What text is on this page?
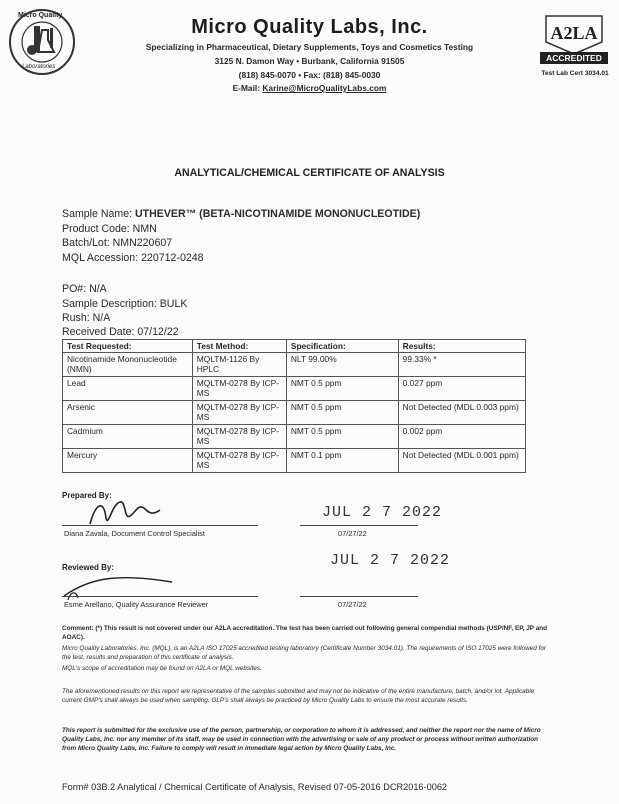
Micro Quality
Laboratories
Micro Quality Labs, Inc.
Specializing in Pharmaceutical, Dietary Supplements, Toys and Cosmetics Testing
3125 N. Damon Way • Burbank, California 91505
(818) 845-0070 • Fax: (818) 845-0030
E-Mail: Karine@MicroQualityLabs.com
A2LA
ACCREDITED
Test Lab Cert 3034.01
ANALYTICAL/CHEMICAL CERTIFICATE OF ANALYSIS
Sample Name: UTHEVER™ (BETA-NICOTINAMIDE MONONUCLEOTIDE)
Product Code: NMN
Batch/Lot: NMN220607
MQL Accession: 220712-0248
PO#: N/A
Sample Description: BULK
Rush: N/A
Received Date: 07/12/22
Test Requested:	Test Method:	Specification:	Results:
Nicotinamide Mononucleotide (NMN)	MQLTM-1126 By HPLC	NLT 99.00%	99.33% *
Lead	MQLTM-0278 By ICP-MS	NMT 0.5 ppm	0.027 ppm
Arsenic	MQLTM-0278 By ICP-MS	NMT 0.5 ppm	Not Detected (MDL 0.003 ppm)
Cadmium	MQLTM-0278 By ICP-MS	NMT 0.5 ppm	0.002 ppm
Mercury	MQLTM-0278 By ICP-MS	NMT 0.1 ppm	Not Detected (MDL 0.001 ppm)
Prepared By:
Diana Zavala, Document Control Specialist
JUL 2 7 2022
07/27/22
Reviewed By:
Esme Arellano, Quality Assurance Reviewer
JUL 2 7 2022
07/27/22
Comment: (*) This result is not covered under our A2LA accreditation. The test has been carried out following general compendial methods (USP/NF, EP, JP and AOAC).
Micro Quality Laboratories, Inc. (MQL), is an A2LA ISO 17025 accredited testing laboratory (Certificate Number 3034.01). The requirements of ISO 17025 were followed for the test, results and preparation of this certificate of analysis.
MQL's scope of accreditation may be found on A2LA or MQL websites.
The aforementioned results on this report are representative of the samples submitted and may not be indicative of the entire manufacture, batch, and/or lot. Applicable current GMP's shall always be used when sampling. GLP's shall always be practiced by Micro Quality Labs to ensure the most accurate results.
This report is submitted for the exclusive use of the person, partnership, or corporation to whom it is addressed, and neither the report nor the name of Micro Quality Labs, Inc. nor any member of its staff, may be used in connection with the advertising or sale of any product or process without written authorization from Micro Quality Labs, Inc. Failure to comply will result in immediate legal action by Micro Quality Labs, Inc.
Form# 03B.2 Analytical / Chemical Certificate of Analysis, Revised 07-05-2016 DCR2016-0062
